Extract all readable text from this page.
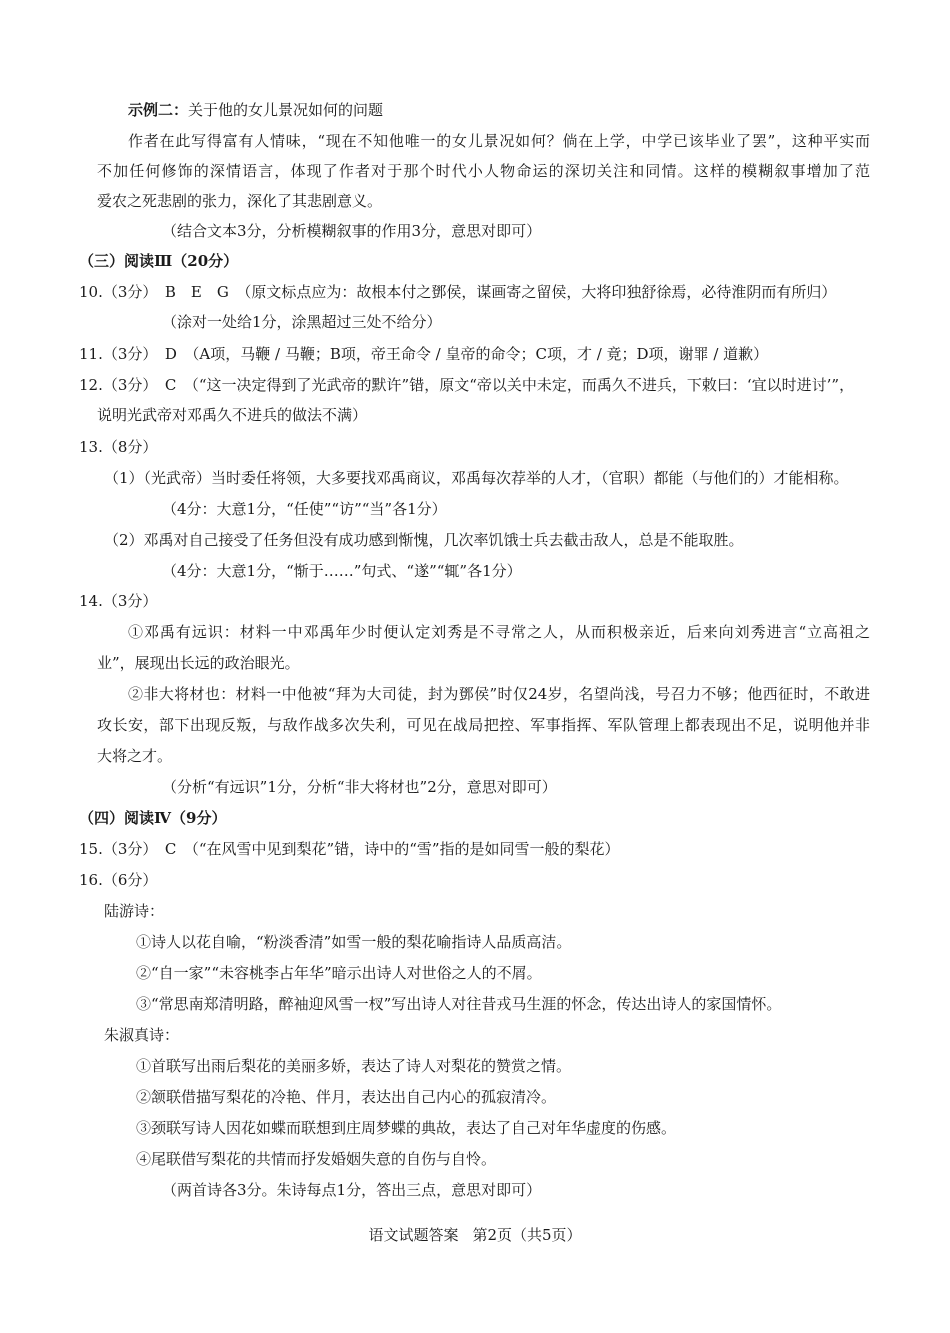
示例二：关于他的女儿景况如何的问题
作者在此写得富有人情味，“现在不知他唯一的女儿景况如何？倘在上学，中学已该毕业了罢”，这种平实而
不加任何修饰的深情语言，体现了作者对于那个时代小人物命运的深切关注和同情。这样的模糊叙事增加了范
爱农之死悲剧的张力，深化了其悲剧意义。
（结合文本3分，分析模糊叙事的作用3分，意思对即可）
（三）阅读Ⅲ（20分）
10.（3分）　B　E　G　（原文标点应为：故根本付之鄧侯，谋画寄之留侯，大将印独舒徐焉，必待淮阴而有所归）
（涂对一处给1分，涂黑超过三处不给分）
11.（3分）　D　（A项，马鞭 / 马鞭；B项，帝王命令 / 皇帝的命令；C项，才 / 竟；D项，谢罪 / 道歉）
12.（3分）　C　（“这一决定得到了光武帝的默许”错，原文“帝以关中未定，而禹久不进兵，下敕曰：‘宜以时进讨’”，
说明光武帝对邓禹久不进兵的做法不满）
13.（8分）
（1）（光武帝）当时委任将领，大多要找邓禹商议，邓禹每次荐举的人才，（官职）都能（与他们的）才能相称。
（4分：大意1分，“任使”“访”“当”各1分）
（2）邓禹对自己接受了任务但没有成功感到惭愧，几次率饥饿士兵去截击敌人，总是不能取胜。
（4分：大意1分，“惭于……”句式、“遂”“辄”各1分）
14.（3分）
①邓禹有远识：材料一中邓禹年少时便认定刘秀是不寻常之人，从而积极亲近，后来向刘秀进言“立高祖之
业”，展现出长远的政治眼光。
②非大将材也：材料一中他被“拜为大司徒，封为鄧侯”时仅24岁，名望尚浅，号召力不够；他西征时，不敢进
攻长安，部下出现反叛，与敌作战多次失利，可见在战局把控、军事指挥、军队管理上都表现出不足，说明他并非
大将之才。
（分析“有远识”1分，分析“非大将材也”2分，意思对即可）
（四）阅读Ⅳ（9分）
15.（3分）　C　（“在风雪中见到梨花”错，诗中的“雪”指的是如同雪一般的梨花）
16.（6分）
陆游诗：
①诗人以花自喻，“粉淡香清”如雪一般的梨花喻指诗人品质高洁。
②“自一家”“未容桃李占年华”暗示出诗人对世俗之人的不屑。
③“常思南郑清明路，醉袖迎风雪一杈”写出诗人对往昔戎马生涯的怀念，传达出诗人的家国情怀。
朱淑真诗：
①首联写出雨后梨花的美丽多娇，表达了诗人对梨花的赞赏之情。
②颔联借描写梨花的冷艳、伴月，表达出自己内心的孤寂清冷。
③颈联写诗人因花如蝶而联想到庄周梦蝶的典故，表达了自己对年华虚度的伤感。
④尾联借写梨花的共情而抒发婚姻失意的自伤与自怜。
（两首诗各3分。朱诗每点1分，答出三点，意思对即可）
语文试题答案 第2页（共5页）
